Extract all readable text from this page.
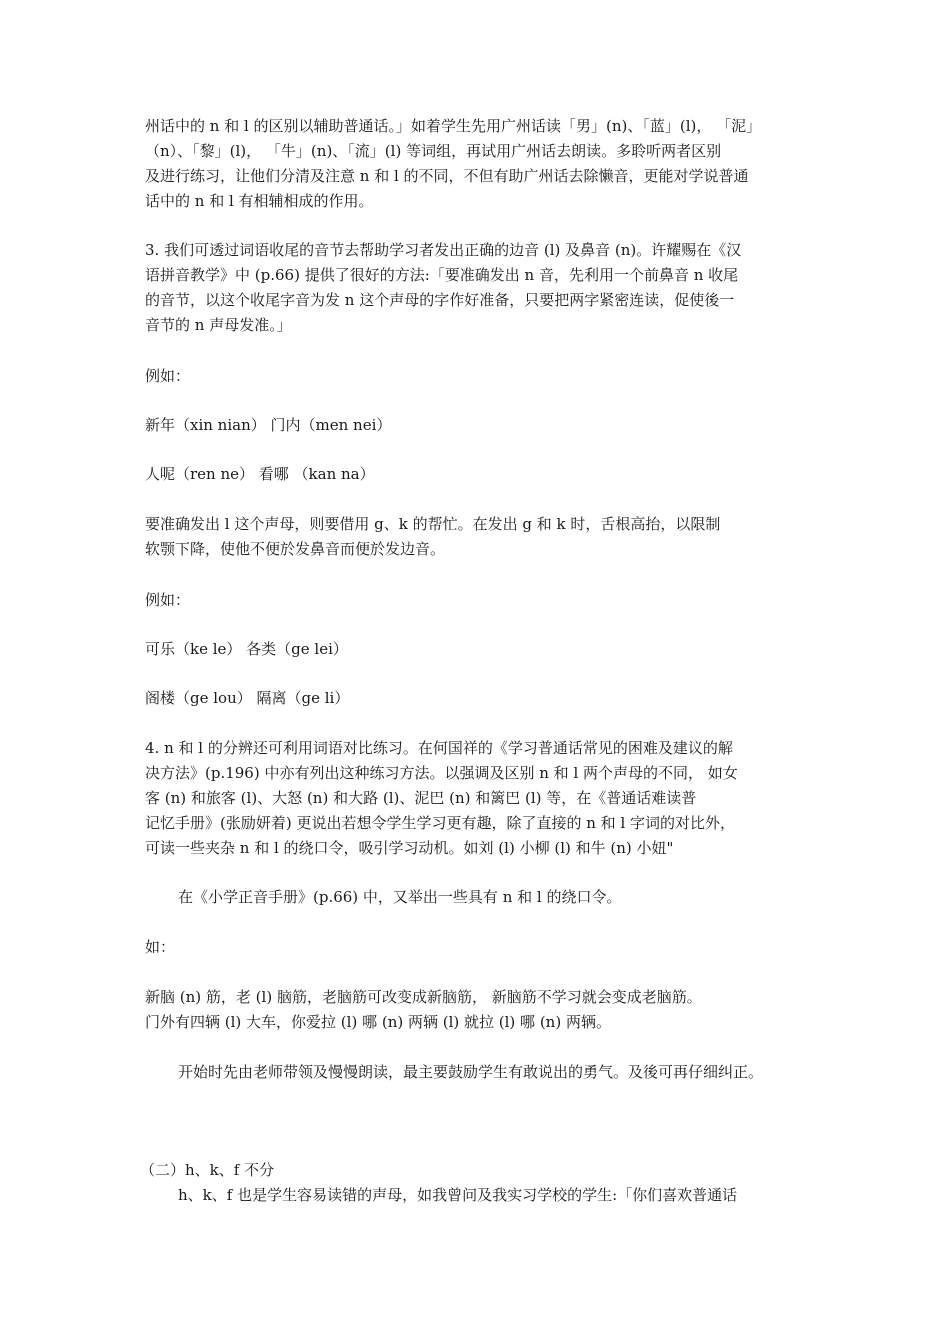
州话中的 n 和 l 的区别以辅助普通话。」如着学生先用广州话读「男」(n)、「蓝」(l)， 「泥」
（n）、「黎」(l)， 「牛」(n)、「流」(l) 等词组，再试用广州话去朗读。多聆听两者区别
及进行练习，让他们分清及注意 n 和 l 的不同，不但有助广州话去除懒音，更能对学说普通
话中的 n 和 l 有相辅相成的作用。
3. 我们可透过词语收尾的音节去帮助学习者发出正确的边音 (l) 及鼻音 (n)。许耀赐在《汉
语拼音教学》中 (p.66) 提供了很好的方法:「要准确发出 n 音，先利用一个前鼻音 n 收尾
的音节，以这个收尾字音为发 n 这个声母的字作好准备，只要把两字紧密连读，促使後一
音节的 n 声母发准。」
例如：
新年（xin nian） 门内（men nei）
人呢（ren ne） 看哪 （kan na）
要准确发出 l 这个声母，则要借用 g、k 的帮忙。在发出 g 和 k 时，舌根高抬，以限制
软颚下降，使他不便於发鼻音而便於发边音。
例如：
可乐（ke le） 各类（ge lei）
阁楼（ge lou） 隔离（ge li）
4. n 和 l 的分辨还可利用词语对比练习。在何国祥的《学习普通话常见的困难及建议的解
决方法》(p.196) 中亦有列出这种练习方法。以强调及区别 n 和 l 两个声母的不同， 如女
客 (n) 和旅客 (l)、大怒 (n) 和大路 (l)、泥巴 (n) 和篱巴 (l) 等，在《普通话难读普
记忆手册》(张励妍着) 更说出若想令学生学习更有趣，除了直接的 n 和 l 字词的对比外，
可读一些夹杂 n 和 l 的绕口令，吸引学习动机。如刘 (l) 小柳 (l) 和牛 (n) 小妞"
在《小学正音手册》(p.66) 中，又举出一些具有 n 和 l 的绕口令。
如：
新脑 (n) 筋，老 (l) 脑筋，老脑筋可改变成新脑筋， 新脑筋不学习就会变成老脑筋。
门外有四辆 (l) 大车，你爱拉 (l) 哪 (n) 两辆 (l) 就拉 (l) 哪 (n) 两辆。
开始时先由老师带领及慢慢朗读，最主要鼓励学生有敢说出的勇气。及後可再仔细纠正。
（二）h、k、f 不分
h、k、f 也是学生容易读错的声母，如我曾问及我实习学校的学生:「你们喜欢普通话
